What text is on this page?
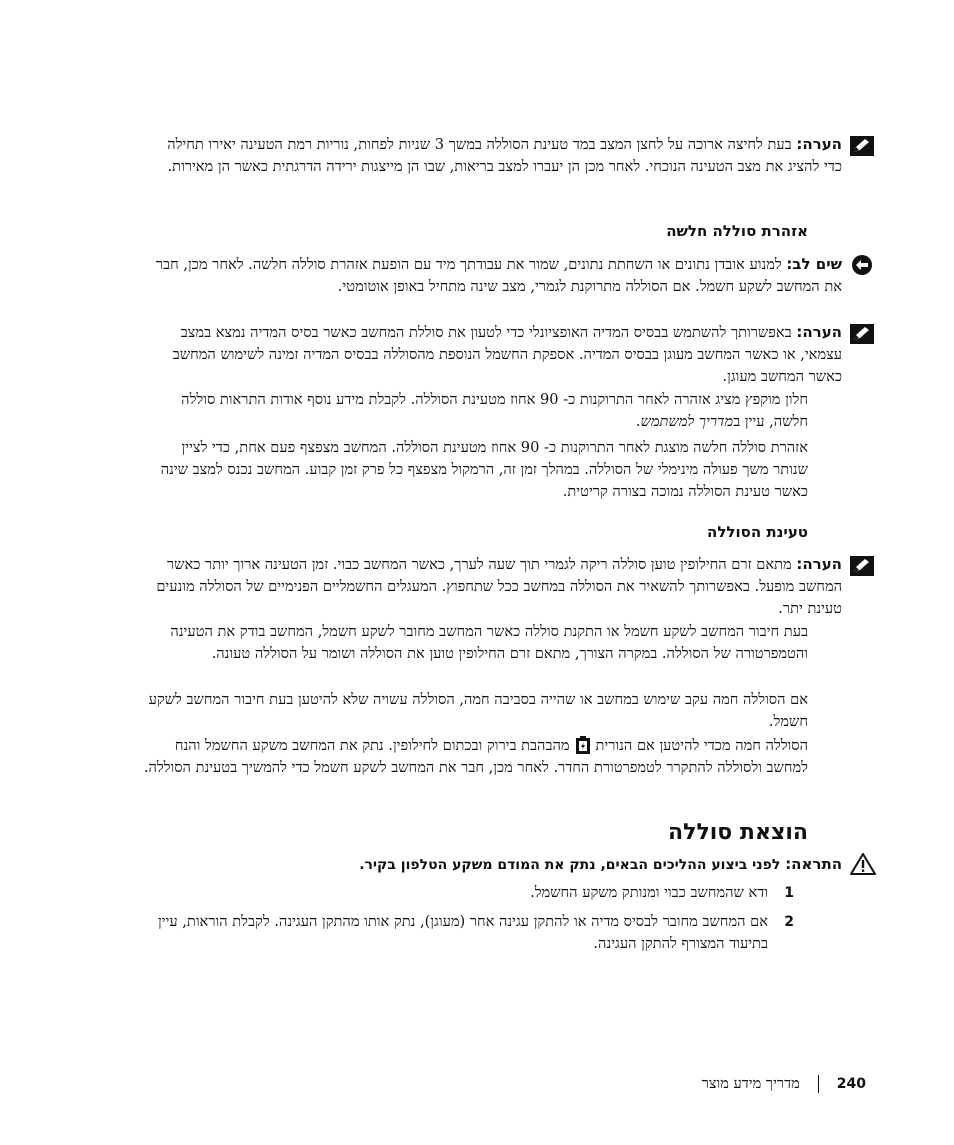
הערה: בעת לחיצה ארוכה על לחצן המצב במד טעינת הסוללה במשך 3 שניות לפחות, נוריות רמת הטעינה יאירו תחילה כדי להציג את מצב הטעינה הנוכחי. לאחר מכן הן יעברו למצב בריאות, שבו הן מייצגות ירידה הדרגתית כאשר הן מאירות.
אזהרת סוללה חלשה
שים לב: למנוע אובדן נתונים או השחתת נתונים, שמור את עבודתך מיד עם הופעת אזהרת סוללה חלשה. לאחר מכן, חבר את המחשב לשקע חשמל. אם הסוללה מתרוקנת לגמרי, מצב שינה מתחיל באופן אוטומטי.
הערה: באפשרותך להשתמש בבסיס המדיה האופציונלי כדי לטעון את סוללת המחשב כאשר בסיס המדיה נמצא במצב עצמאי, או כאשר המחשב מעוגן בבסיס המדיה. אספקת החשמל הנוספת מהסוללה בבסיס המדיה זמינה לשימוש המחשב כאשר המחשב מעוגן.
חלון מוקפץ מציג אזהרה לאחר התרוקנות כ- 90 אחוז מטעינת הסוללה. לקבלת מידע נוסף אודות התראות סוללה חלשה, עיין במדריך למשתמש.
אזהרת סוללה חלשה מוצגת לאחר התרוקנות כ- 90 אחוז מטעינת הסוללה. המחשב מצפצף פעם אחת, כדי לציין שנותר משך פעולה מינימלי של הסוללה. במהלך זמן זה, הרמקול מצפצף כל פרק זמן קבוע. המחשב נכנס למצב שינה כאשר טעינת הסוללה נמוכה בצורה קריטית.
טעינת הסוללה
הערה: מתאם זרם החילופין טוען סוללה ריקה לגמרי תוך שעה לערך, כאשר המחשב כבוי. זמן הטעינה ארוך יותר כאשר המחשב מופעל. באפשרותך להשאיר את הסוללה במחשב ככל שתחפוץ. המעגלים החשמליים הפנימיים של הסוללה מונעים טעינת יתר.
בעת חיבור המחשב לשקע חשמל או התקנת סוללה כאשר המחשב מחובר לשקע חשמל, המחשב בודק את הטעינה והטמפרטורה של הסוללה. במקרה הצורך, מתאם זרם החילופין טוען את הסוללה ושומר על הסוללה טעונה.
אם הסוללה חמה עקב שימוש במחשב או שהייה בסביבה חמה, הסוללה עשויה שלא להיטען בעת חיבור המחשב לשקע חשמל.
הסוללה חמה מכדי להיטען אם הנוריתמהבהבת בירוק ובכתום לחילופין. נתק את המחשב משקע החשמל והנח למחשב ולסוללה להתקרר לטמפרטורת החדר. לאחר מכן, חבר את המחשב לשקע חשמל כדי להמשיך בטעינת הסוללה.
הוצאת סוללה
התראה: לפני ביצוע ההליכים הבאים, נתק את המודם משקע הטלפון בקיר.
1
ודא שהמחשב כבוי ומנותק משקע החשמל.
2
אם המחשב מחובר לבסיס מדיה או להתקן עגינה אחר (מעוגן), נתק אותו מהתקן העגינה. לקבלת הוראות, עיין בתיעוד המצורף להתקן העגינה.
240
מדריך מידע מוצר
